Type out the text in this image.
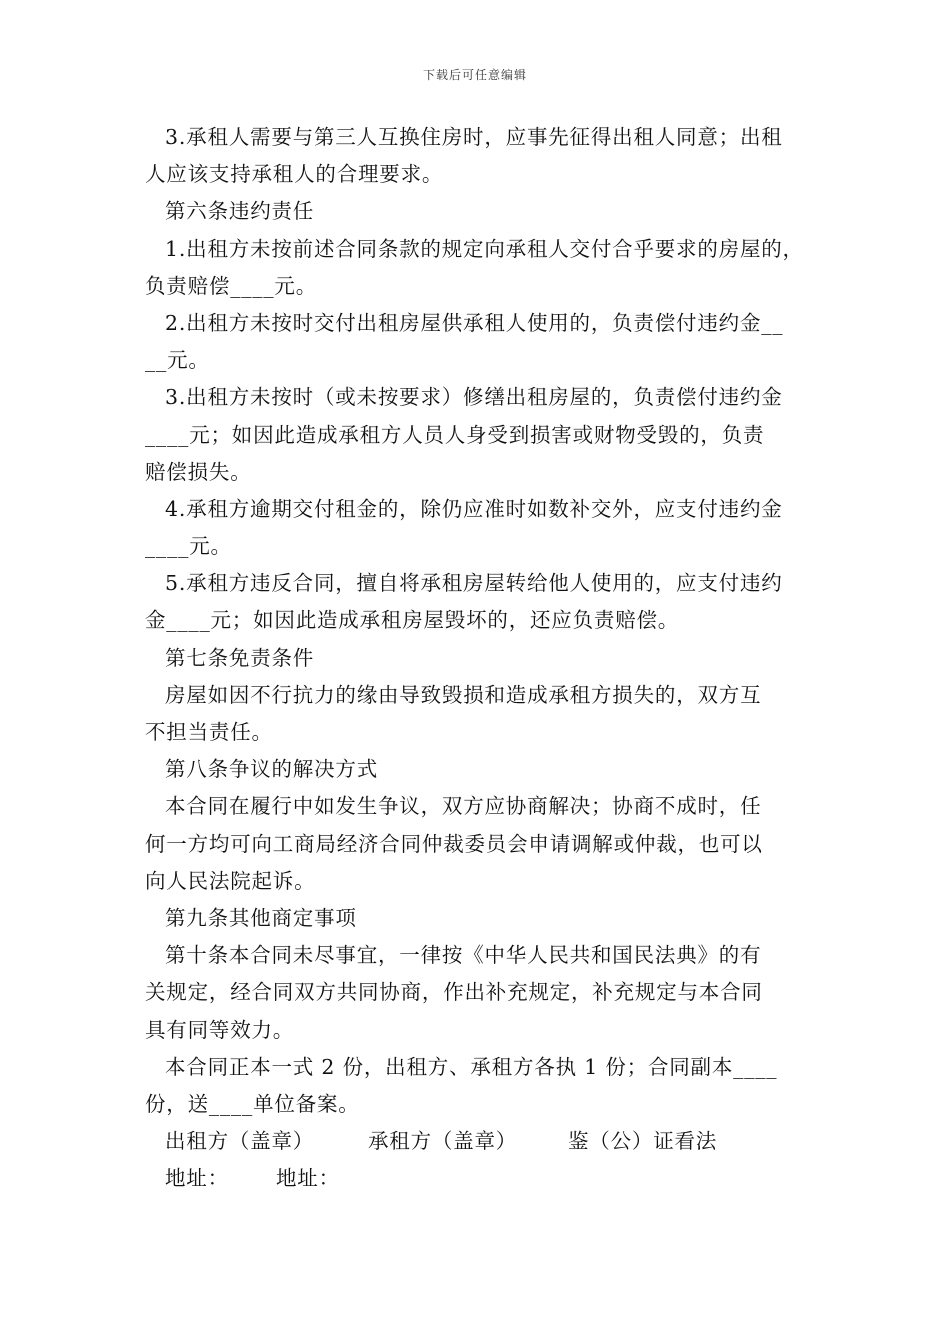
下载后可任意编辑
3.承租人需要与第三人互换住房时，应事先征得出租人同意；出租
人应该支持承租人的合理要求。
第六条违约责任
1.出租方未按前述合同条款的规定向承租人交付合乎要求的房屋的，
负责赔偿____元。
2.出租方未按时交付出租房屋供承租人使用的，负责偿付违约金__
__元。
3.出租方未按时（或未按要求）修缮出租房屋的，负责偿付违约金
____元；如因此造成承租方人员人身受到损害或财物受毁的，负责
赔偿损失。
4.承租方逾期交付租金的，除仍应准时如数补交外，应支付违约金
____元。
5.承租方违反合同，擅自将承租房屋转给他人使用的，应支付违约
金____元；如因此造成承租房屋毁坏的，还应负责赔偿。
第七条免责条件
房屋如因不行抗力的缘由导致毁损和造成承租方损失的，双方互
不担当责任。
第八条争议的解决方式
本合同在履行中如发生争议，双方应协商解决；协商不成时，任
何一方均可向工商局经济合同仲裁委员会申请调解或仲裁，也可以
向人民法院起诉。
第九条其他商定事项
第十条本合同未尽事宜，一律按《中华人民共和国民法典》的有
关规定，经合同双方共同协商，作出补充规定，补充规定与本合同
具有同等效力。
本合同正本一式 2 份，出租方、承租方各执 1 份；合同副本____
份，送____单位备案。
出租方（盖章）	承租方（盖章） 鉴（公）证看法
地址： 地址：
